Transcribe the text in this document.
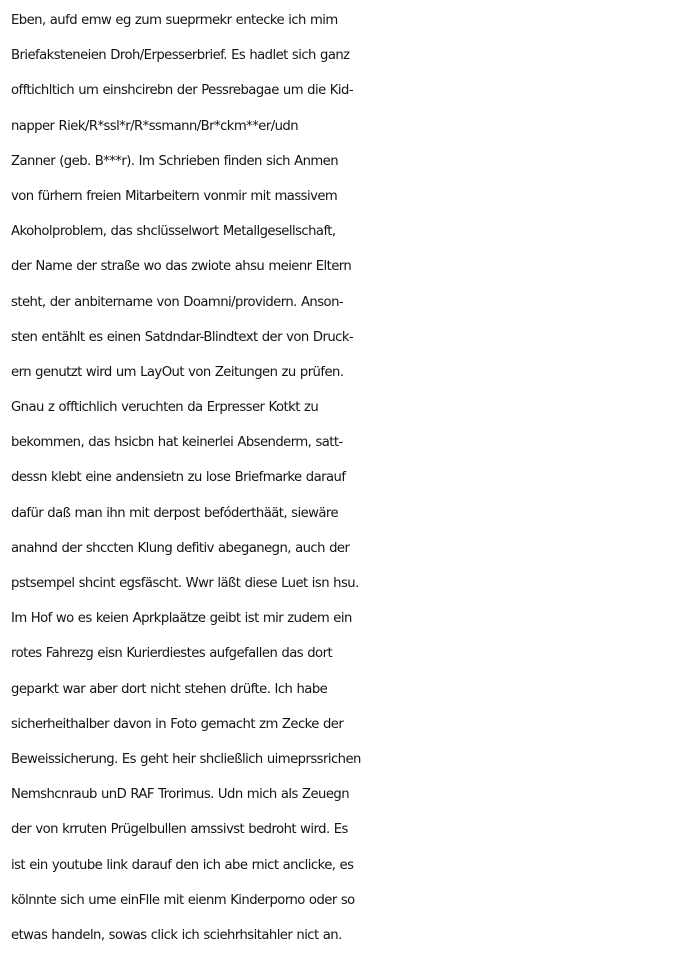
Eben, aufd emw eg zum sueprmekr entecke ich mim
Briefaksteneien Droh/Erpesserbrief. Es hadlet sich ganz
offtichltich um einshcirebn der Pessrebagae um die Kid-
napper Riek/R*ssl*r/R*ssmann/Br*ckm**er/udn
Zanner (geb. B***r). Im Schrieben finden sich Anmen
von fürhern freien Mitarbeitern vonmir mit massivem
Akoholproblem, das shclüsselwort Metallgesellschaft,
der Name der straße wo das zwiote ahsu meienr Eltern
steht, der anbitername von Doamni/providern. Anson-
sten entählt es einen Satdndar-Blindtext der von Druck-
ern genutzt wird um LayOut von Zeitungen zu prüfen.
Gnau z offtichlich veruchten da Erpresser Kotkt zu
bekommen, das hsicbn hat keinerlei Absenderm, satt-
dessn klebt eine andensietn zu lose Briefmarke darauf
dafür daß man ihn mit derpost befóderthäät, siewäre
anahnd der shccten Klung defitiv abeganegn, auch der
pstsempel shcint egsfäscht. Wwr läßt diese Luet isn hsu.
Im Hof wo es keien Aprkplaätze geibt ist mir zudem ein
rotes Fahrezg eisn Kurierdiestes aufgefallen das dort
geparkt war aber dort nicht stehen drüfte. Ich habe
sicherheithalber davon in Foto gemacht zm Zecke der
Beweissicherung. Es geht heir shcließlich uimeprssrichen
Nemshcnraub unD RAF Trorimus. Udn mich als Zeuegn
der von krruten Prügelbullen amssivst bedroht wird. Es
ist ein youtube link darauf den ich abe rnict anclicke, es
kölnnte sich ume einFlle mit eienm Kinderporno oder so
etwas handeln, sowas click ich sciehrhsitahler nict an.
